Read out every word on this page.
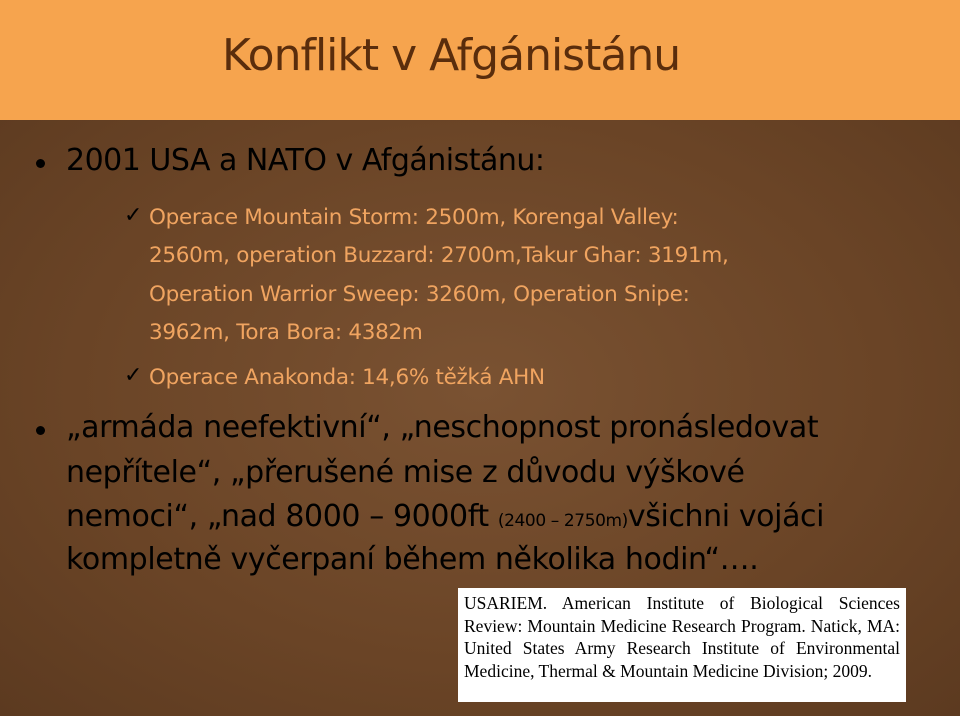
Konflikt v Afgánistánu
2001 USA a NATO v Afgánistánu:
✓ Operace Mountain Storm: 2500m, Korengal Valley:
2560m, operation Buzzard: 2700m,Takur Ghar: 3191m,
Operation Warrior Sweep: 3260m, Operation Snipe:
3962m, Tora Bora: 4382m
✓ Operace Anakonda: 14,6% těžká AHN
„armáda neefektivní“, „neschopnost pronásledovat
nepřítele“, „přerušené mise z důvodu výškové
nemoci“, „nad 8000 – 9000ft (2400 – 2750m)všichni vojáci
kompletně vyčerpaní během několika hodin“….
USARIEM. American Institute of Biological Sciences Review: Mountain Medicine Research Program. Natick, MA: United States Army Research Institute of Environmental Medicine, Thermal & Mountain Medicine Division; 2009.
